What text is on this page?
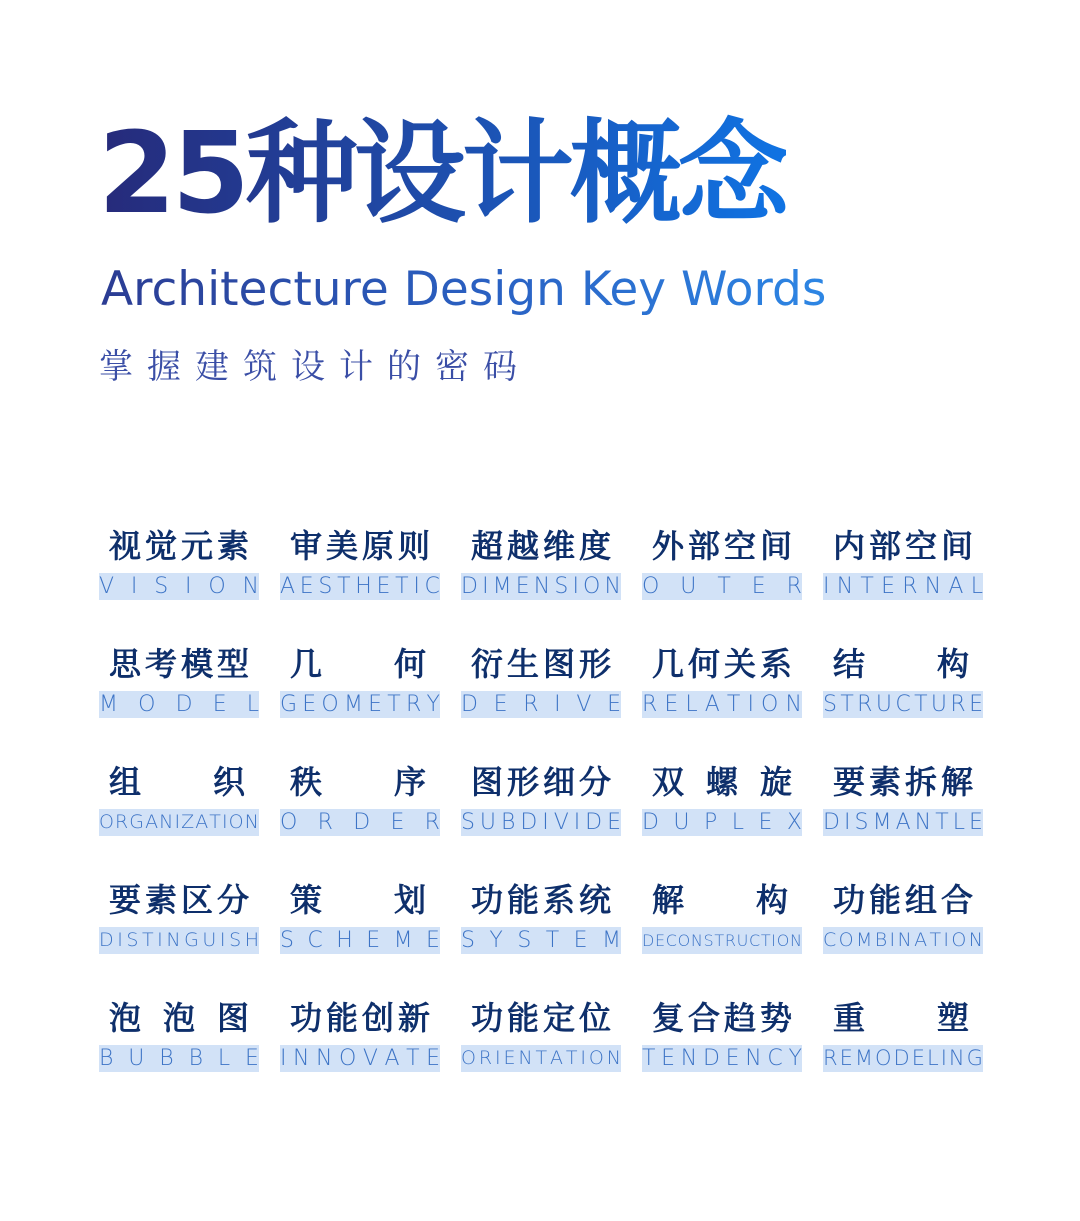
25种设计概念
Architecture Design Key Words

掌握建筑设计的密码

视 觉 元 素
V I S I O N
审 美 原 则
A E S T H E T I C
超 越 维 度
D I M E N S I O N
外 部 空 间
O U T E R
内 部 空 间
I N T E R N A L
思 考 模 型
M O D E L
几 何
G E O M E T R Y
衍 生 图 形
D E R I V E
几 何 关 系
R E L A T I O N
结 构
S T R U C T U R E
组 织
O R G A N I Z A T I O N
秩 序
O R D E R
图 形 细 分
S U B D I V I D E
双 螺 旋
D U P L E X
要 素 拆 解
D I S M A N T L E
要 素 区 分
D I S T I N G U I S H
策 划
S C H E M E
功 能 系 统
S Y S T E M
解 构
D E C O N S T R U C T I O N
功 能 组 合
C O M B I N A T I O N
泡 泡 图
B U B B L E
功 能 创 新
I N N O V A T E
功 能 定 位
O R I E N T A T I O N
复 合 趋 势
T E N D E N C Y
重 塑
R E M O D E L I N G
